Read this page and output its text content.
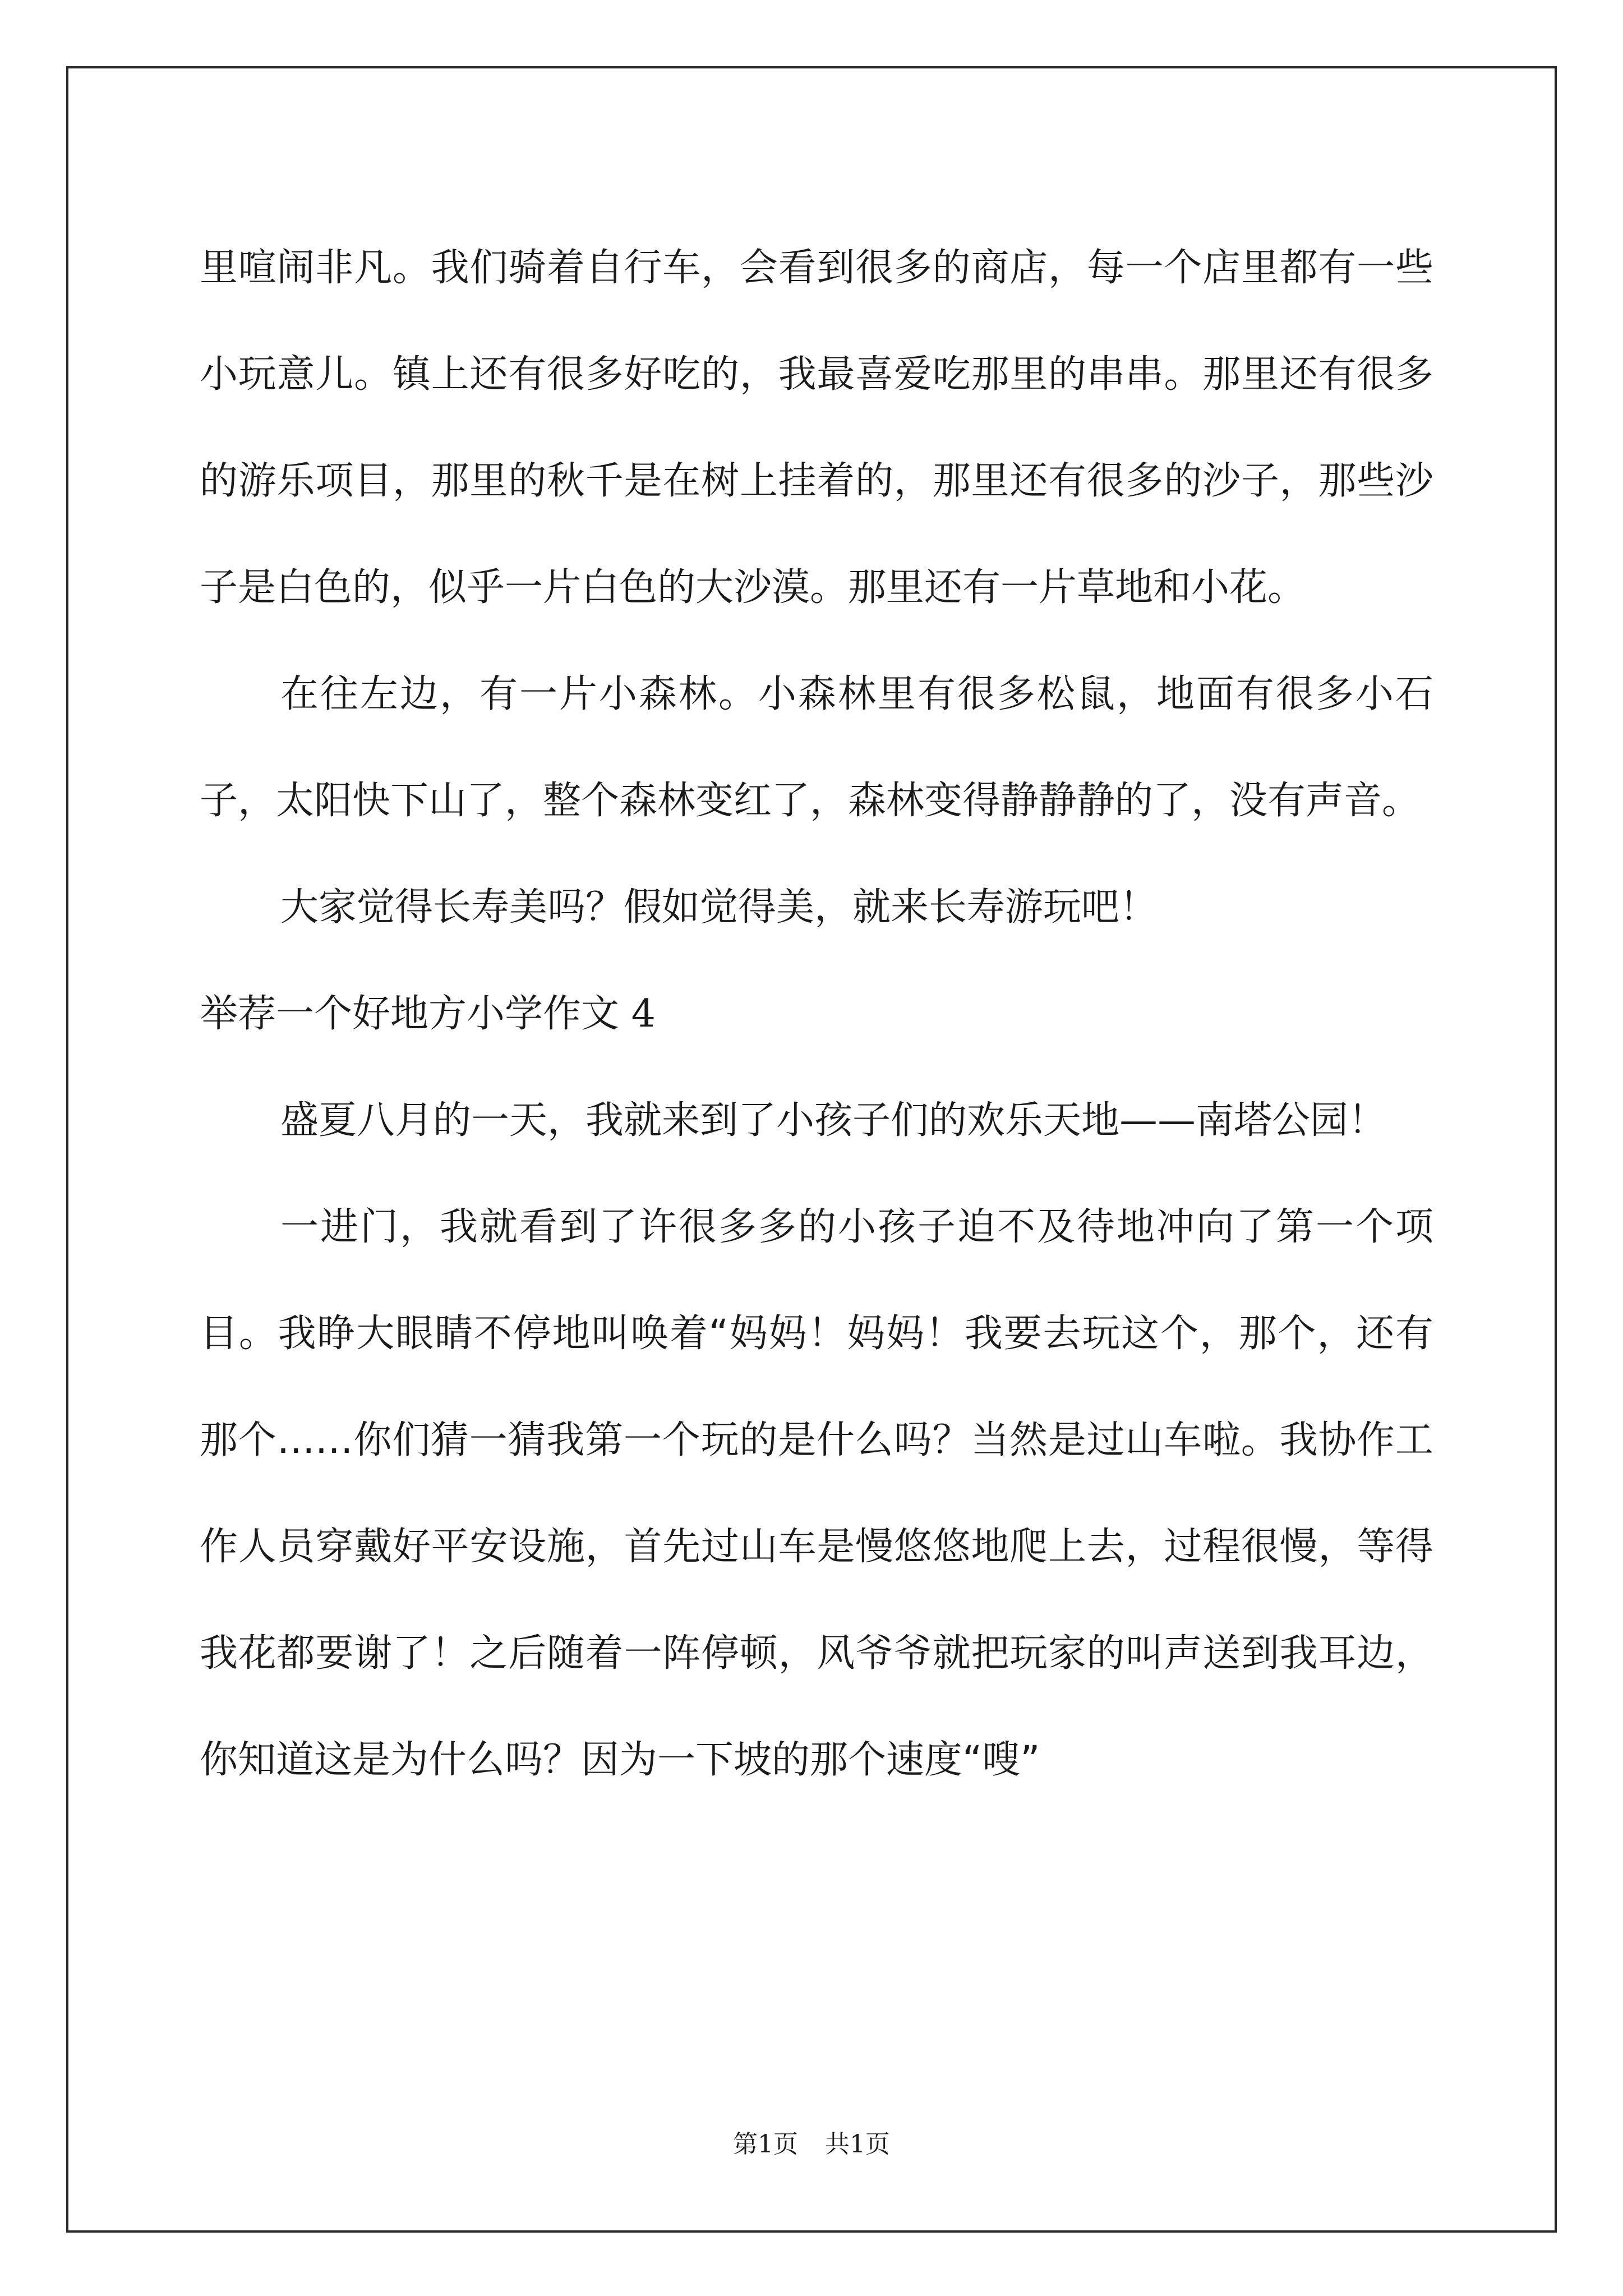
里喧闹非凡。我们骑着自行车，会看到很多的商店，每一个店里都有一些小玩意儿。镇上还有很多好吃的，我最喜爱吃那里的串串。那里还有很多的游乐项目，那里的秋千是在树上挂着的，那里还有很多的沙子，那些沙子是白色的，似乎一片白色的大沙漠。那里还有一片草地和小花。

在往左边，有一片小森林。小森林里有很多松鼠，地面有很多小石子，太阳快下山了，整个森林变红了，森林变得静静静的了，没有声音。

大家觉得长寿美吗？假如觉得美，就来长寿游玩吧！

举荐一个好地方小学作文 4

盛夏八月的一天，我就来到了小孩子们的欢乐天地——南塔公园！

一进门，我就看到了许很多多的小孩子迫不及待地冲向了第一个项目。我睁大眼睛不停地叫唤着“妈妈！妈妈！我要去玩这个，那个，还有那个……你们猜一猜我第一个玩的是什么吗？当然是过山车啦。我协作工作人员穿戴好平安设施，首先过山车是慢悠悠地爬上去，过程很慢，等得我花都要谢了！之后随着一阵停顿，风爷爷就把玩家的叫声送到我耳边，你知道这是为什么吗？因为一下坡的那个速度“嗖”

第1页 共1页
